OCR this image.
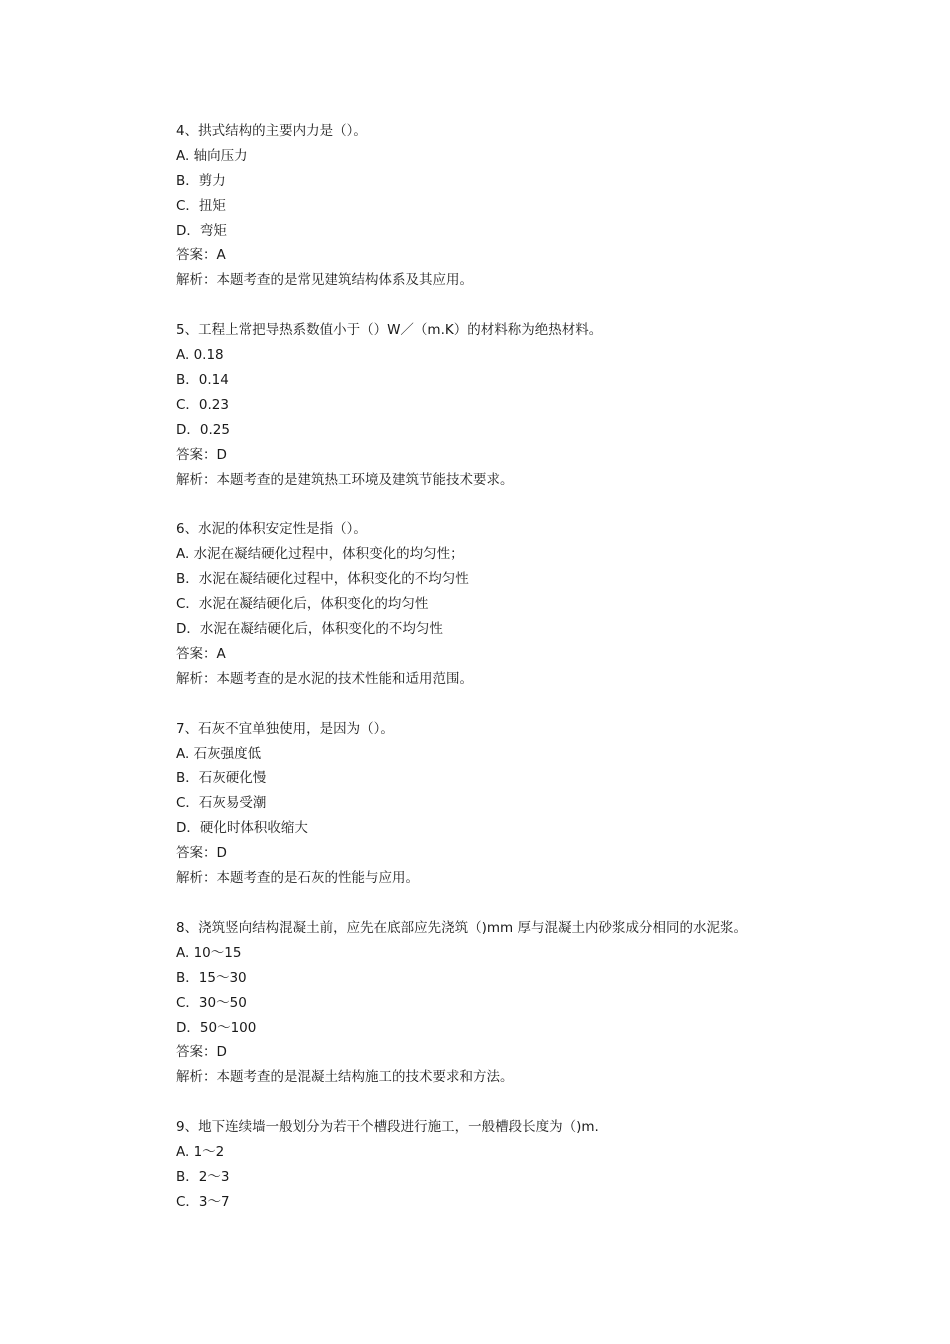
4、拱式结构的主要内力是（）。
A. 轴向压力
B．剪力
C．扭矩
D．弯矩
答案：A
解析：本题考查的是常见建筑结构体系及其应用。
5、工程上常把导热系数值小于（）W／（m.K）的材料称为绝热材料。
A. 0.18
B．0.14
C．0.23
D．0.25
答案：D
解析：本题考查的是建筑热工环境及建筑节能技术要求。
6、水泥的体积安定性是指（）。
A. 水泥在凝结硬化过程中，体积变化的均匀性；
B．水泥在凝结硬化过程中，体积变化的不均匀性
C．水泥在凝结硬化后，体积变化的均匀性
D．水泥在凝结硬化后，体积变化的不均匀性
答案：A
解析：本题考查的是水泥的技术性能和适用范围。
7、石灰不宜单独使用，是因为（）。
A. 石灰强度低
B．石灰硬化慢
C．石灰易受潮
D．硬化时体积收缩大
答案：D
解析：本题考查的是石灰的性能与应用。
8、浇筑竖向结构混凝土前，应先在底部应先浇筑（)mm 厚与混凝土内砂浆成分相同的水泥浆。
A. 10～15
B．15～30
C．30～50
D．50～100
答案：D
解析：本题考查的是混凝土结构施工的技术要求和方法。
9、地下连续墙一般划分为若干个槽段进行施工，一般槽段长度为（)m.
A. 1～2
B．2～3
C．3～7
